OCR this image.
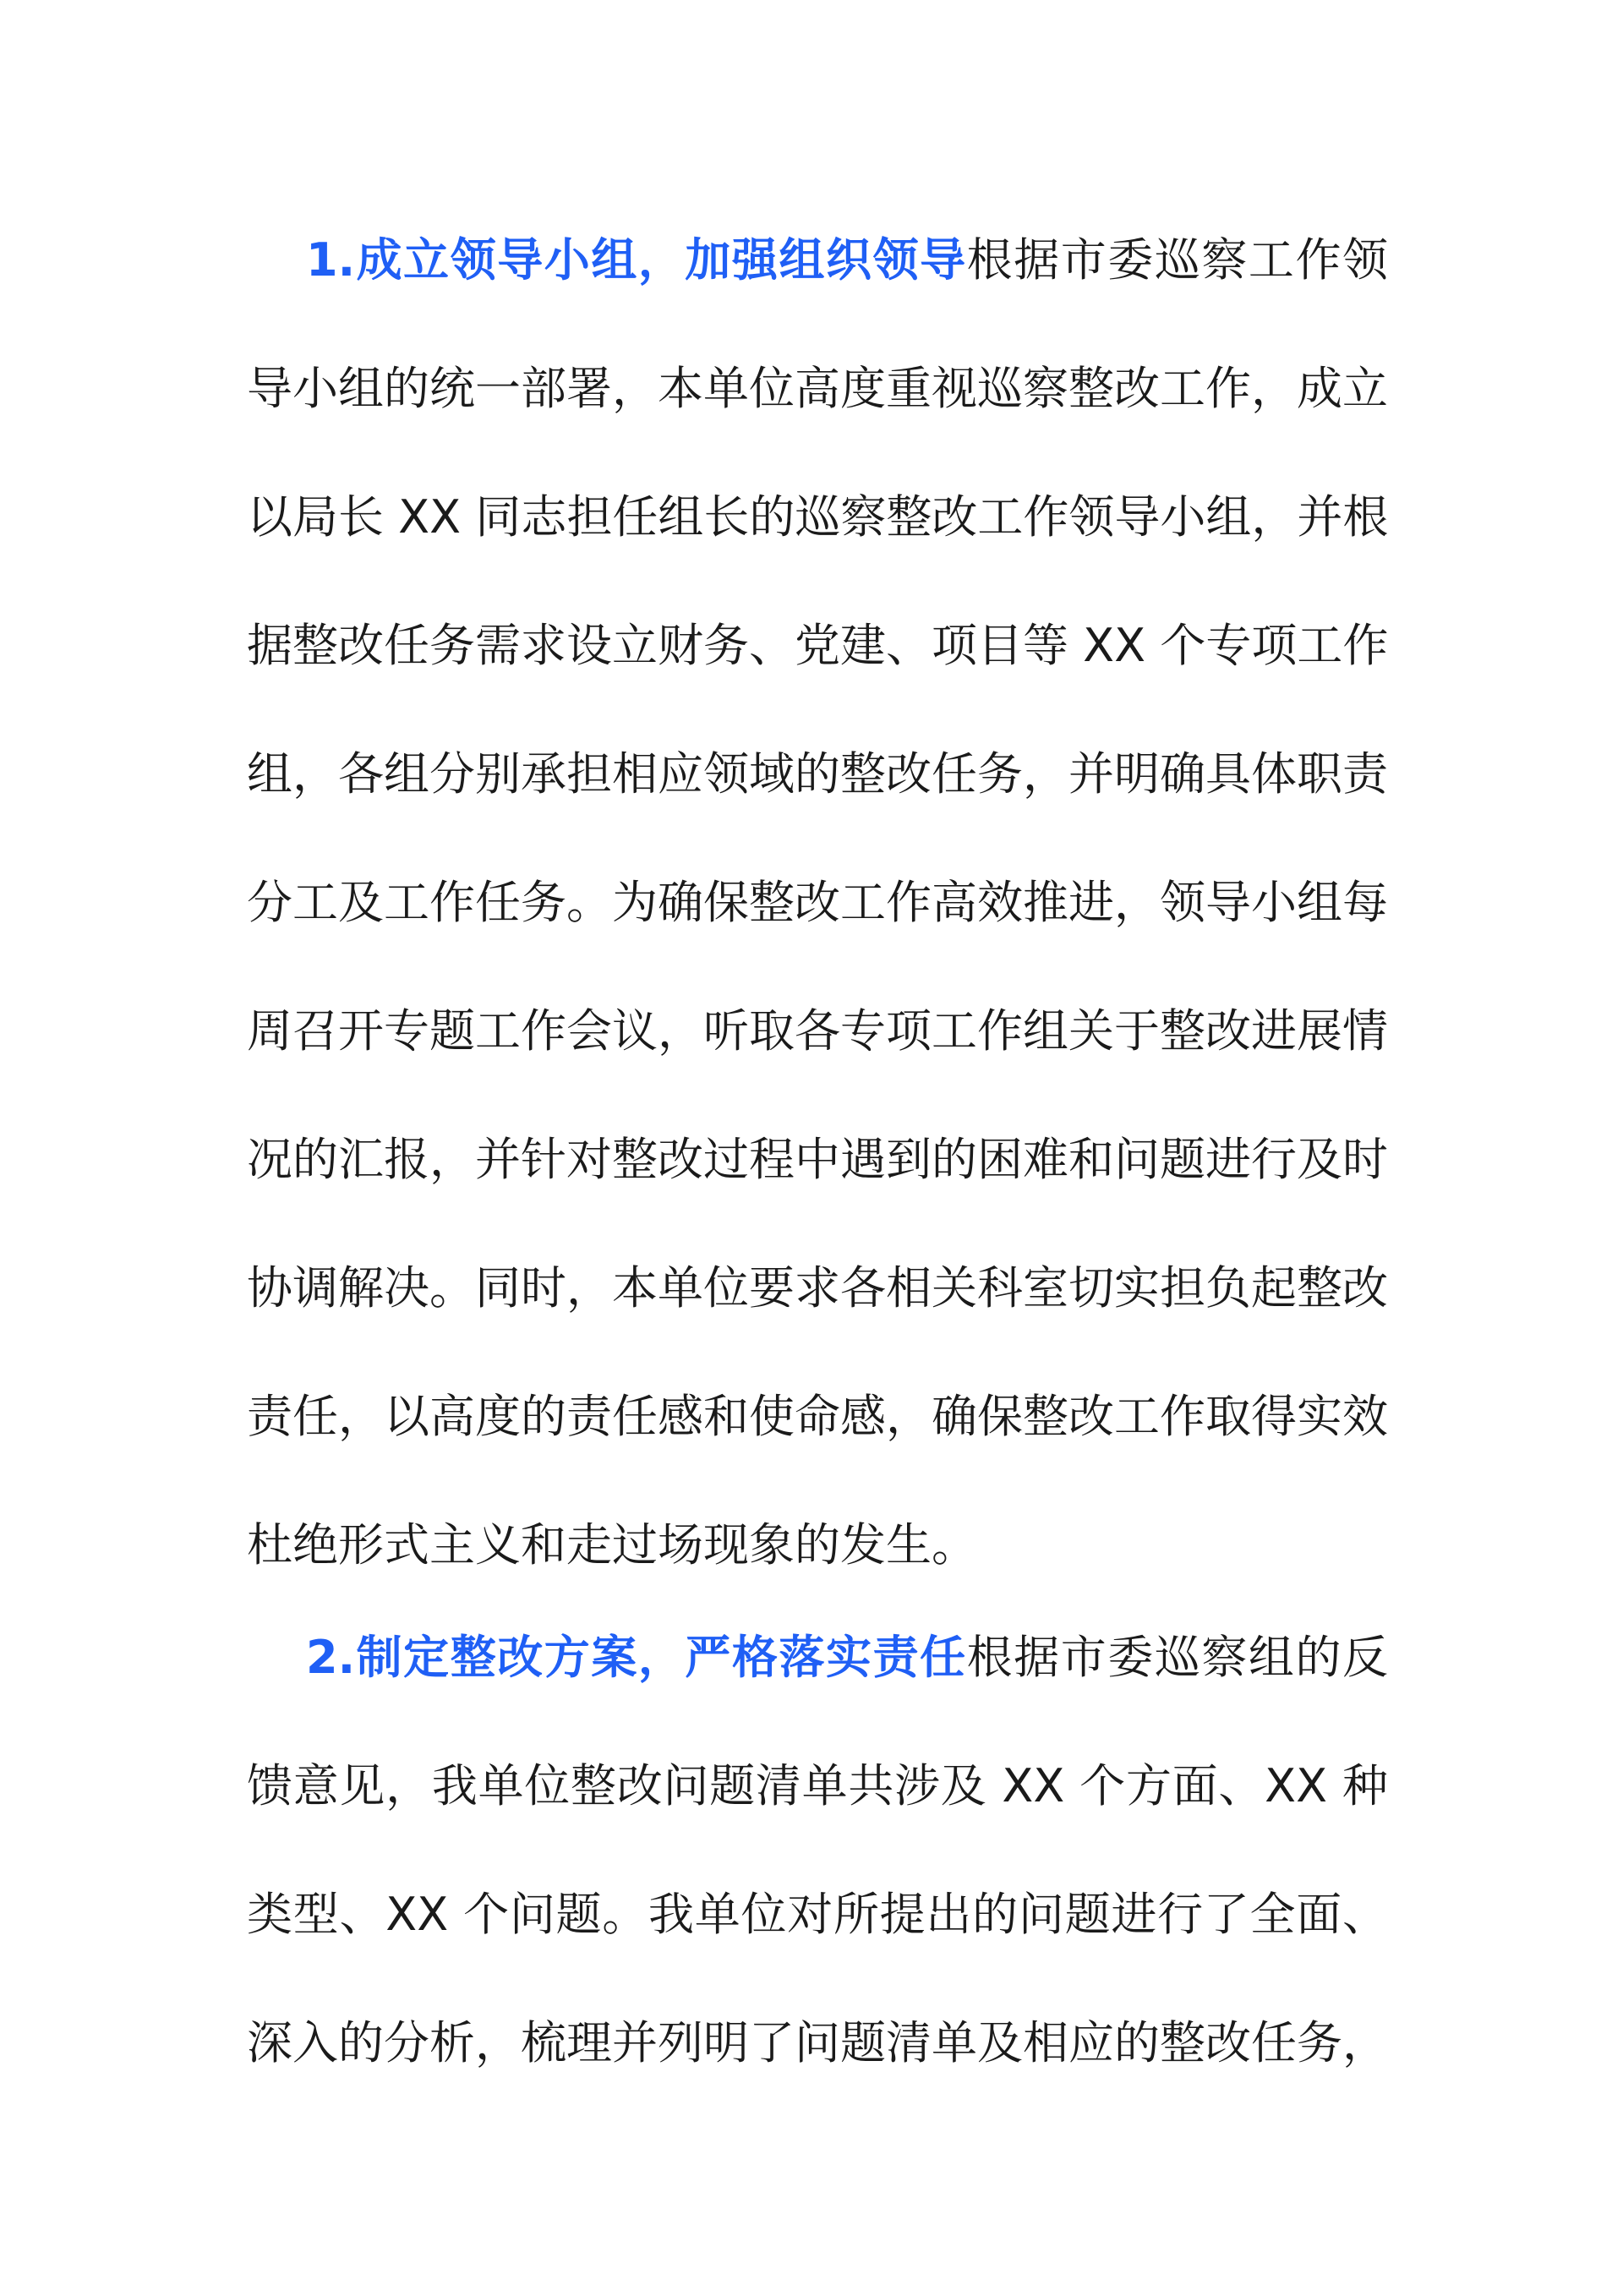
1.成立领导小组，加强组织领导根据市委巡察工作领
导小组的统一部署，本单位高度重视巡察整改工作，成立
以局长 XX 同志担任组长的巡察整改工作领导小组，并根
据整改任务需求设立财务、党建、项目等 XX 个专项工作
组，各组分别承担相应领域的整改任务，并明确具体职责
分工及工作任务。为确保整改工作高效推进，领导小组每
周召开专题工作会议，听取各专项工作组关于整改进展情
况的汇报，并针对整改过程中遇到的困难和问题进行及时
协调解决。同时，本单位要求各相关科室切实担负起整改
责任，以高度的责任感和使命感，确保整改工作取得实效
杜绝形式主义和走过场现象的发生。
2.制定整改方案，严格落实责任根据市委巡察组的反
馈意见，我单位整改问题清单共涉及 XX 个方面、XX 种
类型、XX 个问题。我单位对所提出的问题进行了全面、
深入的分析，梳理并列明了问题清单及相应的整改任务，
